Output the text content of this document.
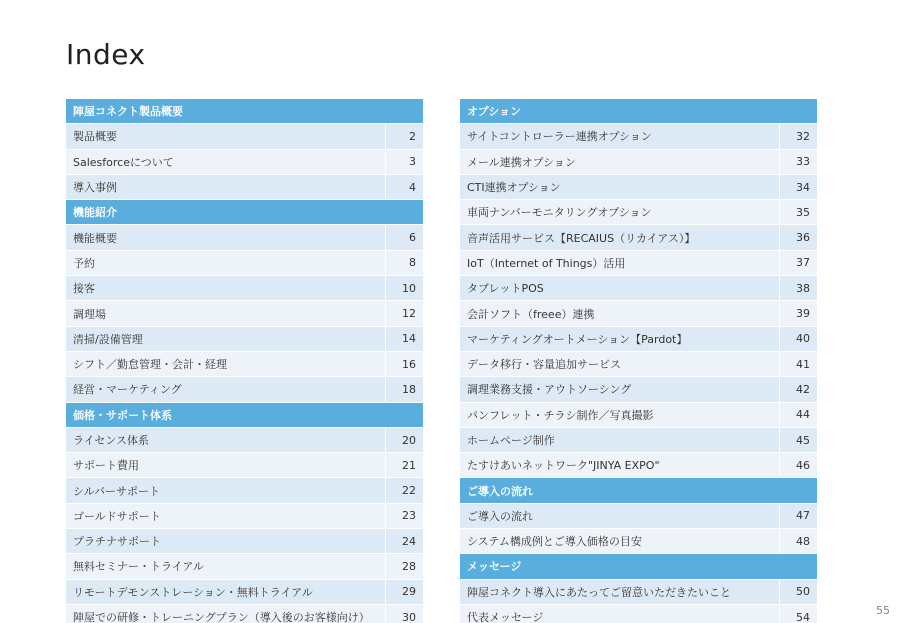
Index
陣屋コネクト製品概要
製品概要	2
Salesforceについて	3
導入事例	4
機能紹介
機能概要	6
予約	8
接客	10
調理場	12
清掃/設備管理	14
シフト／勤怠管理・会計・経理	16
経営・マーケティング	18
価格・サポート体系
ライセンス体系	20
サポート費用	21
シルバーサポート	22
ゴールドサポート	23
プラチナサポート	24
無料セミナー・トライアル	28
リモートデモンストレーション・無料トライアル	29
陣屋での研修・トレーニングプラン（導入後のお客様向け）	30
オプション
サイトコントローラー連携オプション	32
メール連携オプション	33
CTI連携オプション	34
車両ナンバーモニタリングオプション	35
音声活用サービス【RECAIUS（リカイアス）】	36
IoT（Internet of Things）活用	37
タブレットPOS	38
会計ソフト（freee）連携	39
マーケティングオートメーション【Pardot】	40
データ移行・容量追加サービス	41
調理業務支援・アウトソーシング	42
パンフレット・チラシ制作／写真撮影	44
ホームページ制作	45
たすけあいネットワーク"JINYA EXPO"	46
ご導入の流れ
ご導入の流れ	47
システム構成例とご導入価格の目安	48
メッセージ
陣屋コネクト導入にあたってご留意いただきたいこと	50
代表メッセージ	54
55
